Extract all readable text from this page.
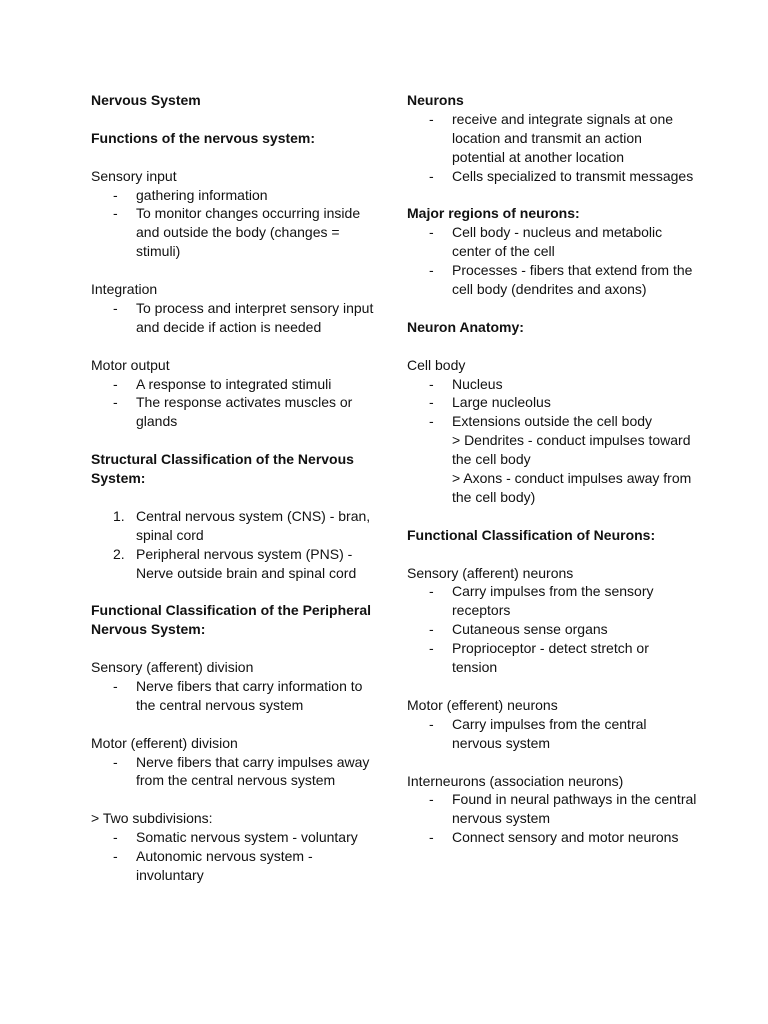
Nervous System
Functions of the nervous system:
Sensory input
- gathering information
- To monitor changes occurring inside and outside the body (changes = stimuli)
Integration
- To process and interpret sensory input and decide if action is needed
Motor output
- A response to integrated stimuli
- The response activates muscles or glands
Structural Classification of the Nervous System:
1. Central nervous system (CNS) - bran, spinal cord
2. Peripheral nervous system (PNS) - Nerve outside brain and spinal cord
Functional Classification of the Peripheral Nervous System:
Sensory (afferent) division
- Nerve fibers that carry information to the central nervous system
Motor (efferent) division
- Nerve fibers that carry impulses away from the central nervous system
> Two subdivisions:
- Somatic nervous system - voluntary
- Autonomic nervous system - involuntary
Neurons
- receive and integrate signals at one location and transmit an action potential at another location
- Cells specialized to transmit messages
Major regions of neurons:
- Cell body - nucleus and metabolic center of the cell
- Processes - fibers that extend from the cell body (dendrites and axons)
Neuron Anatomy:
Cell body
- Nucleus
- Large nucleolus
- Extensions outside the cell body
> Dendrites - conduct impulses toward the cell body
> Axons - conduct impulses away from the cell body)
Functional Classification of Neurons:
Sensory (afferent) neurons
- Carry impulses from the sensory receptors
- Cutaneous sense organs
- Proprioceptor - detect stretch or tension
Motor (efferent) neurons
- Carry impulses from the central nervous system
Interneurons (association neurons)
- Found in neural pathways in the central nervous system
- Connect sensory and motor neurons
